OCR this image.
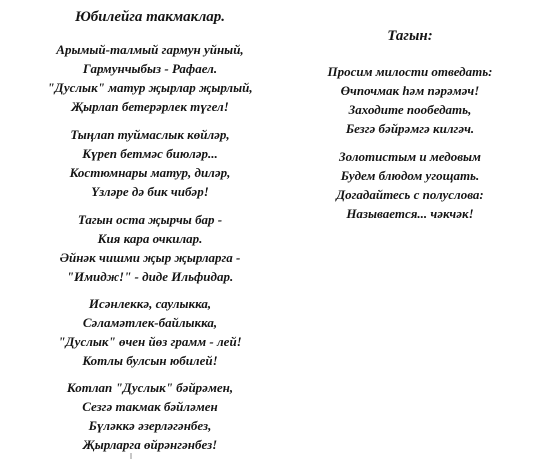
Юбилейга такмаклар.
Арымый-талмый гармун уйный,
Гармунчыбыз - Рафаел.
"Дуслык" матур җырлар җырлый,
Җырлап бетерәрлек түгел!
Тыңлап туймаслык көйләр,
Күреп бетмәс биюләр...
Костюмнары матур, диләр,
Үзләре дә бик чибәр!
Тагын оста җырчы бар -
Кия кара очкилар.
Әйнәк чишми җыр җырларга -
"Имидж!" - диде Ильфидар.
Исәнлеккә, саулыкка,
Сәламәтлек-байлыкка,
"Дуслык" өчен йөз грамм - лей!
Котлы булсын юбилей!
Котлап "Дуслык" бәйрәмен,
Сезгә такмак бәйләмен
Бүләккә әзерләгәнбез,
Җырларга өйрәнгәнбез!
Тагын:
Просим милости отведать:
Өчпочмак һәм пәрәмәч!
Заходите пообедать,
Безгә бәйрәмгә килгәч.
Золотистым и медовым
Будем блюдом угощать.
Догадайтесь с полуслова:
Называется... чәкчәк!
